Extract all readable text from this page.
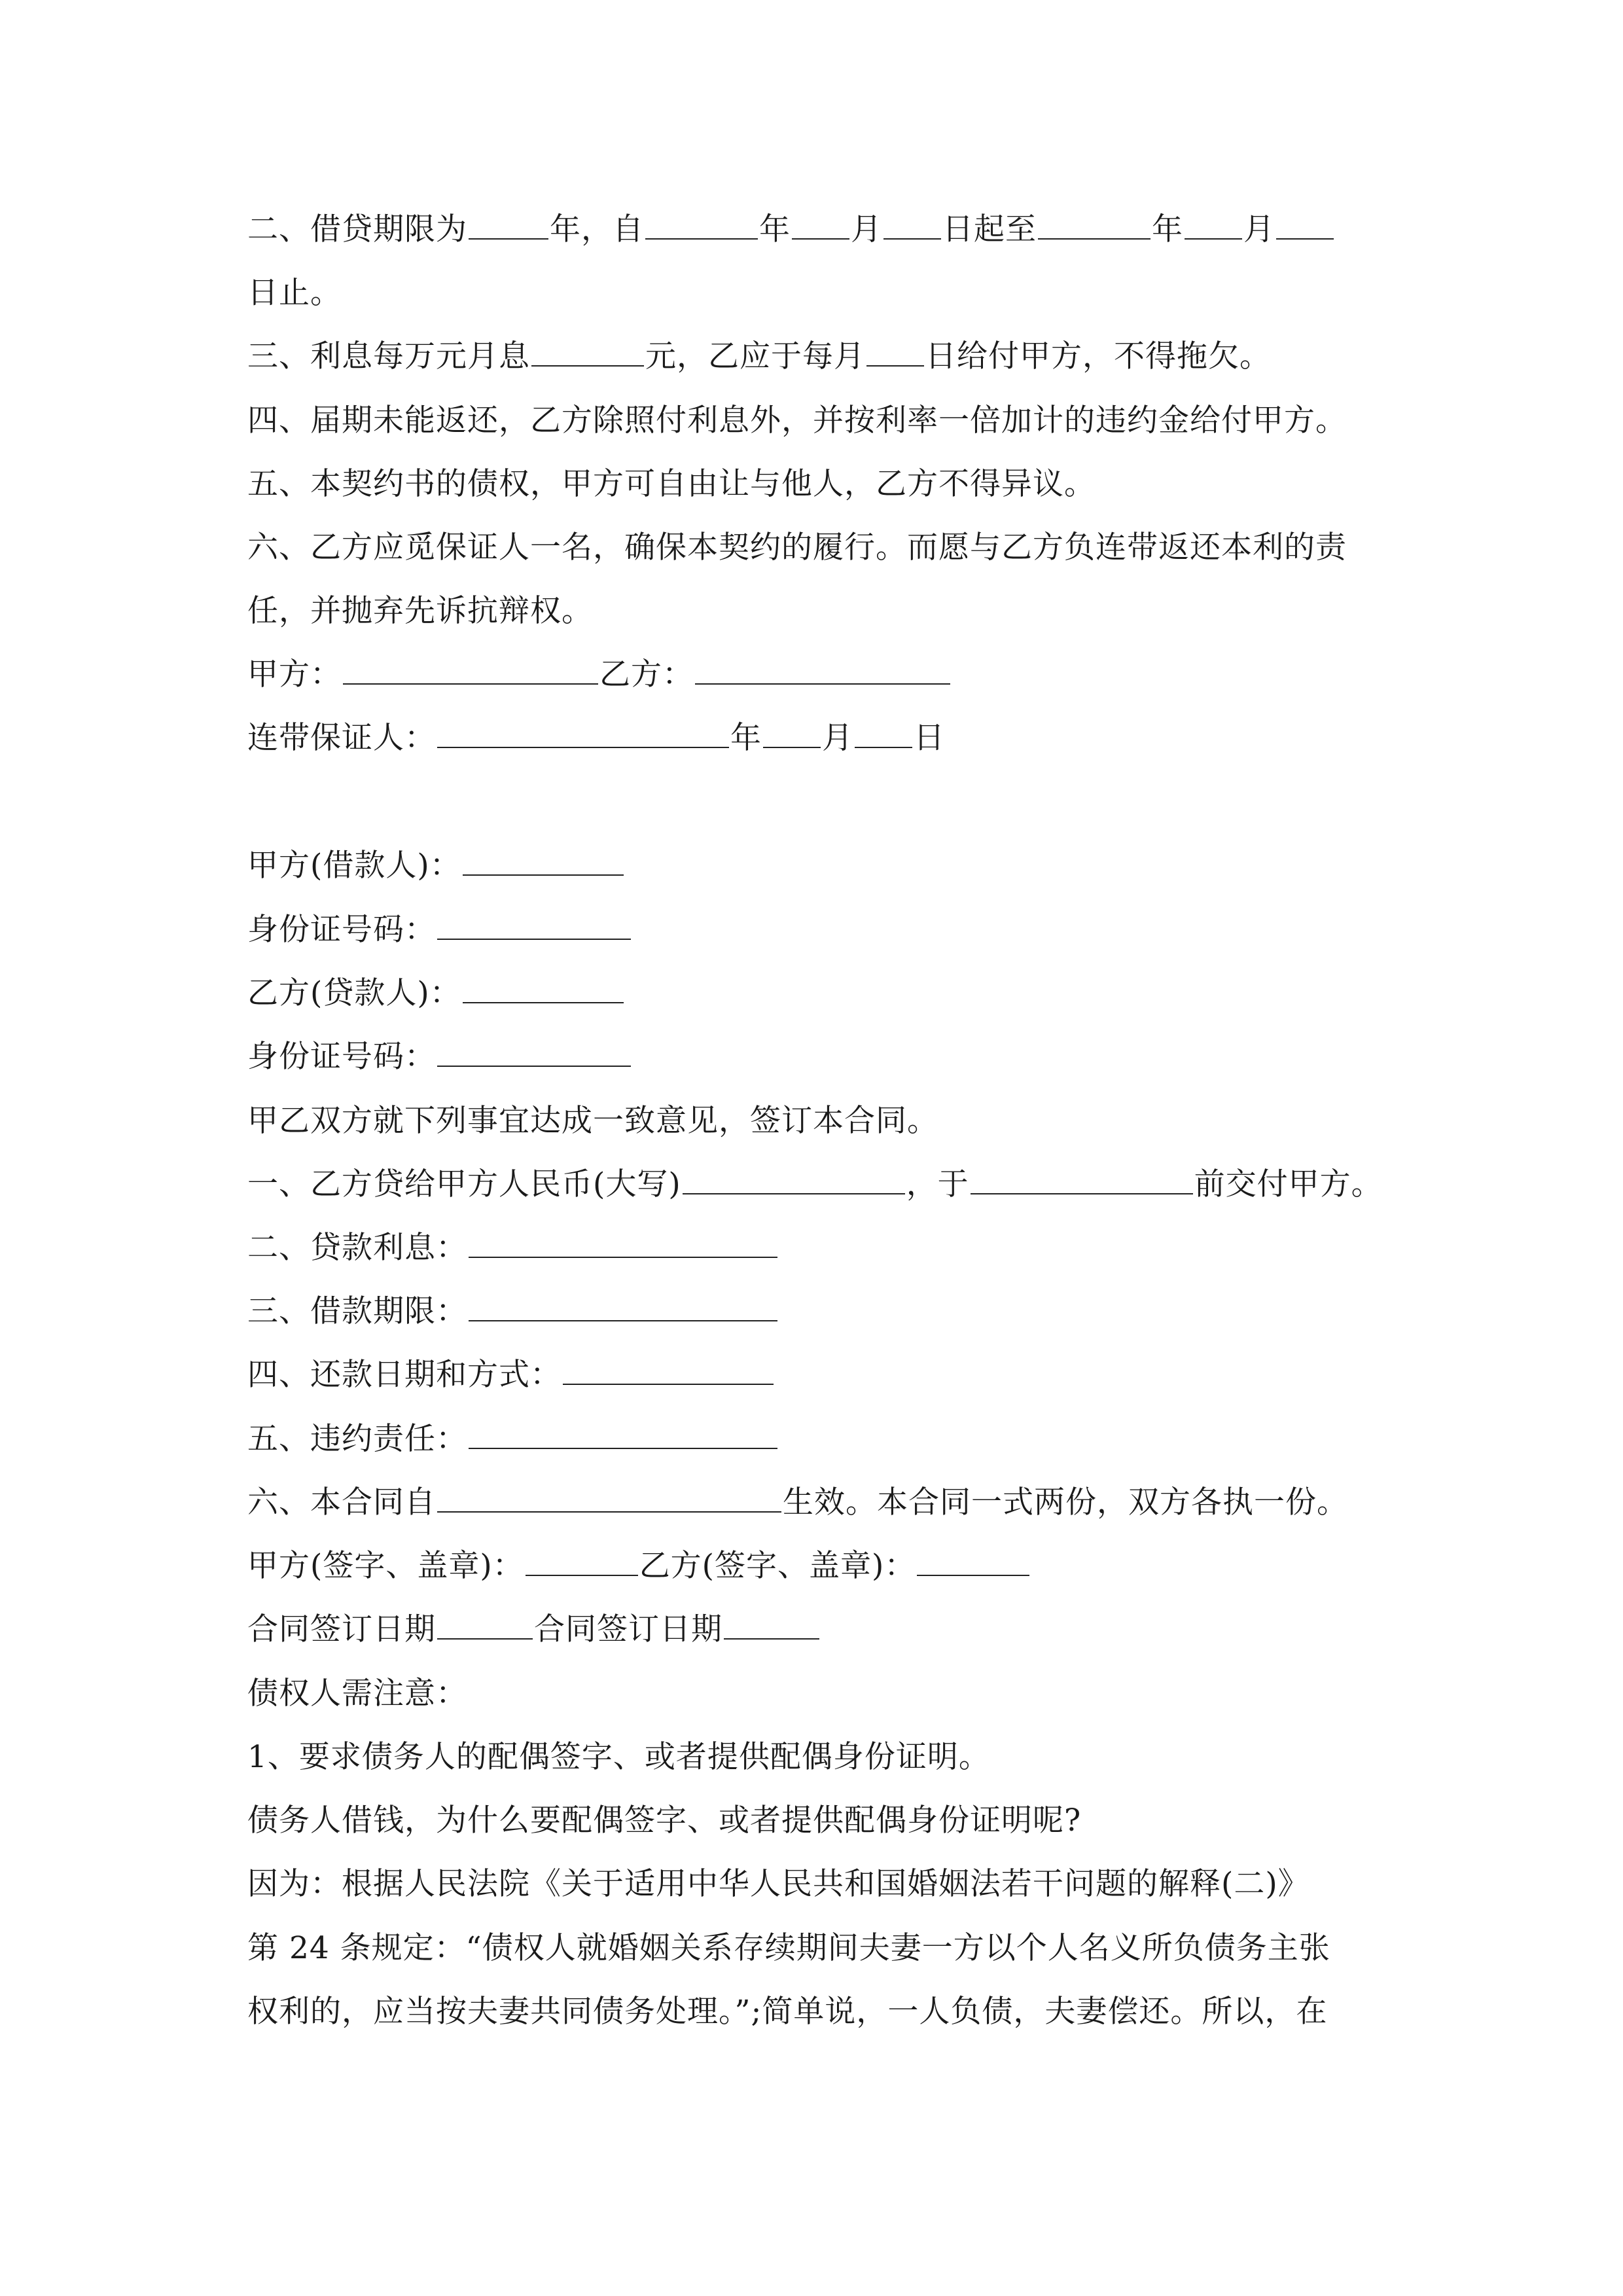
二、借贷期限为	年，自	年 月 日起至	年 月
日止。
三、利息每万元月息	元，乙应于每月 日给付甲方，不得拖欠。
四、届期未能返还，乙方除照付利息外，并按利率一倍加计的违约金给付甲方。
五、本契约书的债权，甲方可自由让与他人，乙方不得异议。
六、乙方应觅保证人一名，确保本契约的履行。而愿与乙方负连带返还本利的责
任，并抛弃先诉抗辩权。
甲方：	乙方：
连带保证人：	年 月 日
甲方(借款人)：
身份证号码：
乙方(贷款人)：
身份证号码：
甲乙双方就下列事宜达成一致意见，签订本合同。
一、乙方贷给甲方人民币(大写)	，于	前交付甲方。
二、贷款利息：
三、借款期限：
四、还款日期和方式：
五、违约责任：
六、本合同自	生效。本合同一式两份，双方各执一份。
甲方(签字、盖章)：	乙方(签字、盖章)：
合同签订日期	合同签订日期
债权人需注意：
1、要求债务人的配偶签字、或者提供配偶身份证明。
债务人借钱，为什么要配偶签字、或者提供配偶身份证明呢?
因为：根据人民法院《关于适用中华人民共和国婚姻法若干问题的解释(二)》
第 24 条规定：“债权人就婚姻关系存续期间夫妻一方以个人名义所负债务主张
权利的，应当按夫妻共同债务处理。”;简单说，一人负债，夫妻偿还。所以，在
